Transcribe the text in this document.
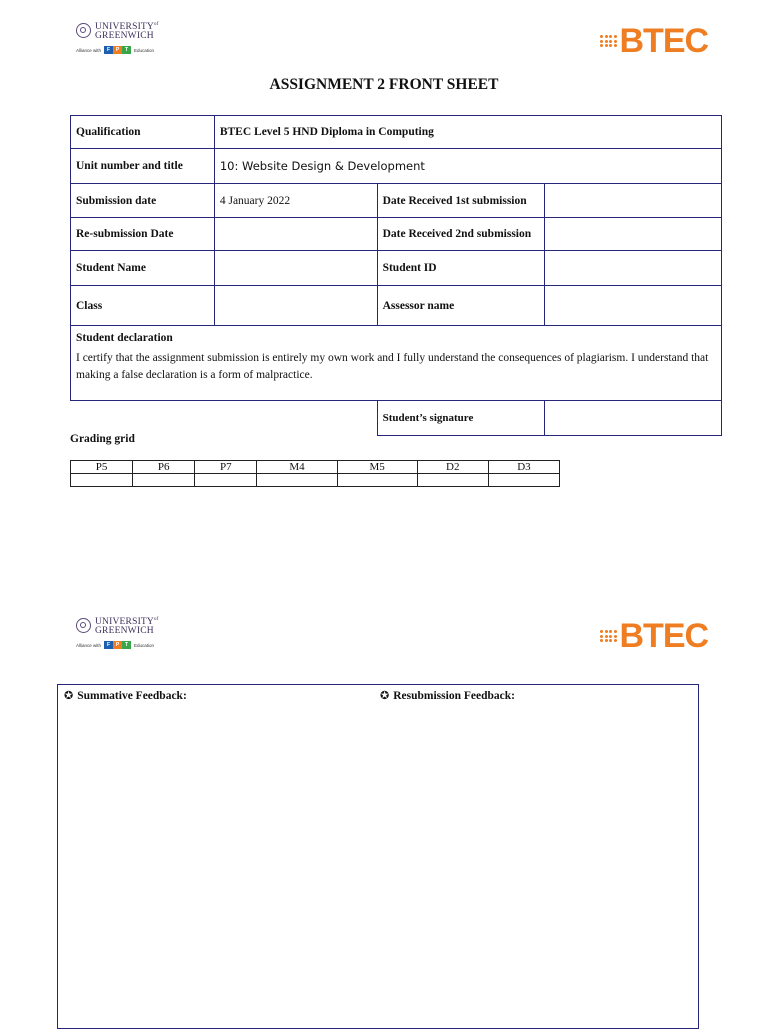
$UNIVERSITY^{of}$
GREENWICH
Alliance with	F	P	T	Education	BTEC
ASSIGNMENT 2 FRONT SHEET
Qualification	BTEC Level 5 HND Diploma in Computing		
Unit number and title	10: Website Design & Development		
Submission date	4 January 2022	Date Received 1st submission	
Re-submission Date		Date Received 2nd submission	
Student Name		Student ID	
Class		Assessor name	

Student declaration
I certify that the assignment submission is entirely my own work and I fully understand the consequences of plagiarism. I understand that making a false declaration is a form of malpractice.			

		Student’s signature	
Grading grid
P5	P6	P7	M4	M5	D2	D3

$UNIVERSITY^{of}$
GREENWICH
Alliance with	F	P	T	Education	BTEC
✪ Summative Feedback:	✪ Resubmission Feedback:
